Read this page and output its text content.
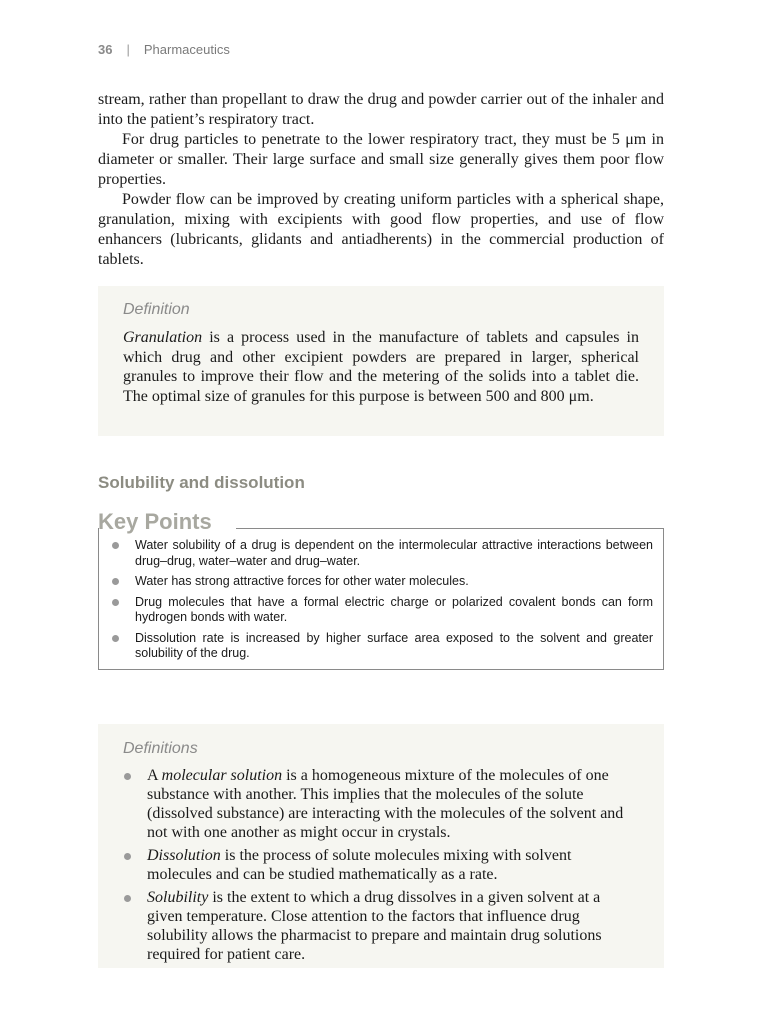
36 | Pharmaceutics

stream, rather than propellant to draw the drug and powder carrier out of the inhaler and into the patient’s respiratory tract.

For drug particles to penetrate to the lower respiratory tract, they must be 5 μm in diameter or smaller. Their large surface and small size generally gives them poor flow properties.

Powder flow can be improved by creating uniform particles with a spherical shape, granulation, mixing with excipients with good flow properties, and use of flow enhancers (lubricants, glidants and antiadherents) in the commercial production of tablets.

Definition

Granulation is a process used in the manufacture of tablets and capsules in which drug and other excipient powders are prepared in larger, spherical granules to improve their flow and the metering of the solids into a tablet die. The optimal size of granules for this purpose is between 500 and 800 μm.

Solubility and dissolution
Key Points
Water solubility of a drug is dependent on the intermolecular attractive interactions between drug–drug, water–water and drug–water.
Water has strong attractive forces for other water molecules.
Drug molecules that have a formal electric charge or polarized covalent bonds can form hydrogen bonds with water.
Dissolution rate is increased by higher surface area exposed to the solvent and greater solubility of the drug.

Definitions

A molecular solution is a homogeneous mixture of the molecules of one substance with another. This implies that the molecules of the solute (dissolved substance) are interacting with the molecules of the solvent and not with one another as might occur in crystals.
Dissolution is the process of solute molecules mixing with solvent molecules and can be studied mathematically as a rate.
Solubility is the extent to which a drug dissolves in a given solvent at a given temperature. Close attention to the factors that influence drug solubility allows the pharmacist to prepare and maintain drug solutions required for patient care.
